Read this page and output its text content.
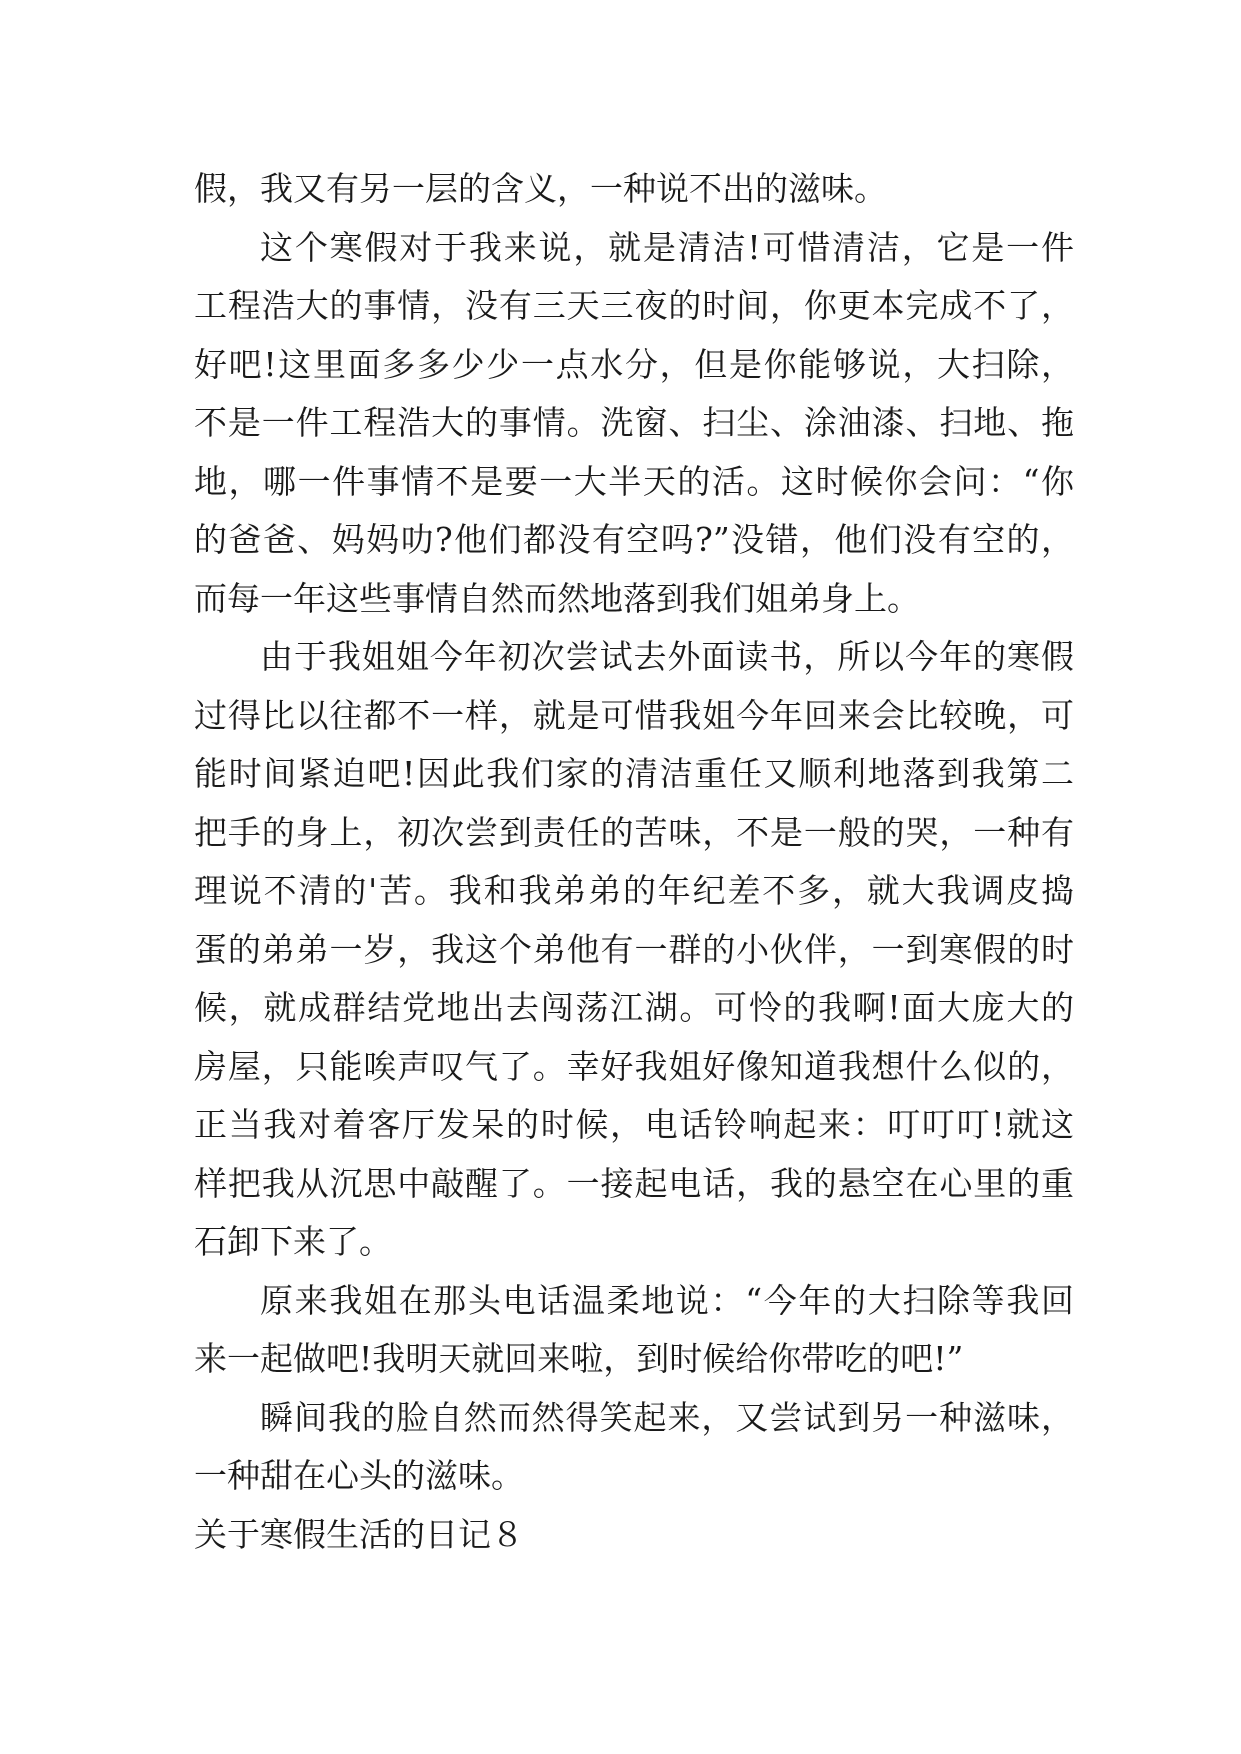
假，我又有另一层的含义，一种说不出的滋味。
这个寒假对于我来说，就是清洁!可惜清洁，它是一件
工程浩大的事情，没有三天三夜的时间，你更本完成不了，
好吧!这里面多多少少一点水分，但是你能够说，大扫除，
不是一件工程浩大的事情。洗窗、扫尘、涂油漆、扫地、拖
地，哪一件事情不是要一大半天的活。这时候你会问：“你
的爸爸、妈妈叻?他们都没有空吗?”没错，他们没有空的，
而每一年这些事情自然而然地落到我们姐弟身上。
由于我姐姐今年初次尝试去外面读书，所以今年的寒假
过得比以往都不一样，就是可惜我姐今年回来会比较晚，可
能时间紧迫吧!因此我们家的清洁重任又顺利地落到我第二
把手的身上，初次尝到责任的苦味，不是一般的哭，一种有
理说不清的'苦。我和我弟弟的年纪差不多，就大我调皮捣
蛋的弟弟一岁，我这个弟他有一群的小伙伴，一到寒假的时
候，就成群结党地出去闯荡江湖。可怜的我啊!面大庞大的
房屋，只能唉声叹气了。幸好我姐好像知道我想什么似的，
正当我对着客厅发呆的时候，电话铃响起来：叮叮叮!就这
样把我从沉思中敲醒了。一接起电话，我的悬空在心里的重
石卸下来了。
原来我姐在那头电话温柔地说：“今年的大扫除等我回
来一起做吧!我明天就回来啦，到时候给你带吃的吧!”
瞬间我的脸自然而然得笑起来，又尝试到另一种滋味，
一种甜在心头的滋味。
关于寒假生活的日记８
